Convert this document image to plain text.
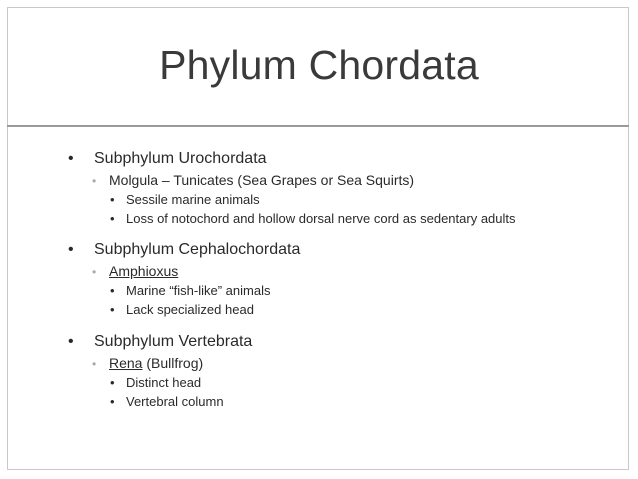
Phylum Chordata
• Subphylum Urochordata
• Molgula – Tunicates (Sea Grapes or Sea Squirts)
• Sessile marine animals
• Loss of notochord and hollow dorsal nerve cord as sedentary adults
• Subphylum Cephalochordata
• Amphioxus
• Marine “fish-like” animals
• Lack specialized head
• Subphylum Vertebrata
• Rena (Bullfrog)
• Distinct head
• Vertebral column
